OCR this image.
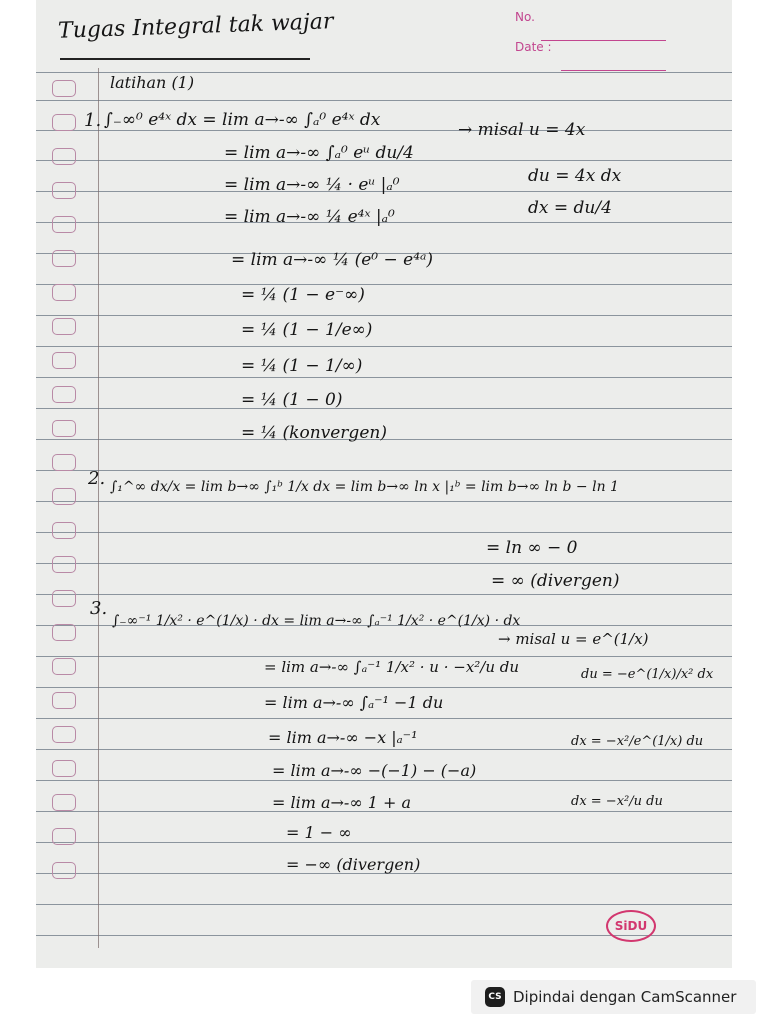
Tugas Integral tak wajar	No.
Date :
latihan (1)
1. ∫₋∞⁰ e⁴ˣ dx = lim a→-∞ ∫ₐ⁰ e⁴ˣ dx
= lim a→-∞ ∫ₐ⁰ eᵘ du/4
= lim a→-∞ ¼ · eᵘ |ₐ⁰
= lim a→-∞ ¼ e⁴ˣ |ₐ⁰
= lim a→-∞ ¼ (e⁰ − e⁴ᵃ)
= ¼ (1 − e⁻∞)
= ¼ (1 − 1/e∞)
= ¼ (1 − 1/∞)
= ¼ (1 − 0)
= ¼ (konvergen)
→ misal u = 4x
du = 4x dx
dx = du/4
2. ∫₁^∞ dx/x = lim b→∞ ∫₁ᵇ 1/x dx = lim b→∞ ln x |₁ᵇ = lim b→∞ ln b − ln 1
= ln ∞ − 0
= ∞ (divergen)
3.
∫₋∞⁻¹ 1/x² · e^(1/x) · dx = lim a→-∞ ∫ₐ⁻¹ 1/x² · e^(1/x) · dx
= lim a→-∞ ∫ₐ⁻¹ 1/x² · u · −x²/u du
= lim a→-∞ ∫ₐ⁻¹ −1 du
= lim a→-∞ −x |ₐ⁻¹
= lim a→-∞ −(−1) − (−a)
= lim a→-∞ 1 + a
= 1 − ∞
= −∞ (divergen)
→ misal u = e^(1/x)
du = −e^(1/x)/x² dx
dx = −x²/e^(1/x) du
dx = −x²/u du
SiDU
CS Dipindai dengan CamScanner
